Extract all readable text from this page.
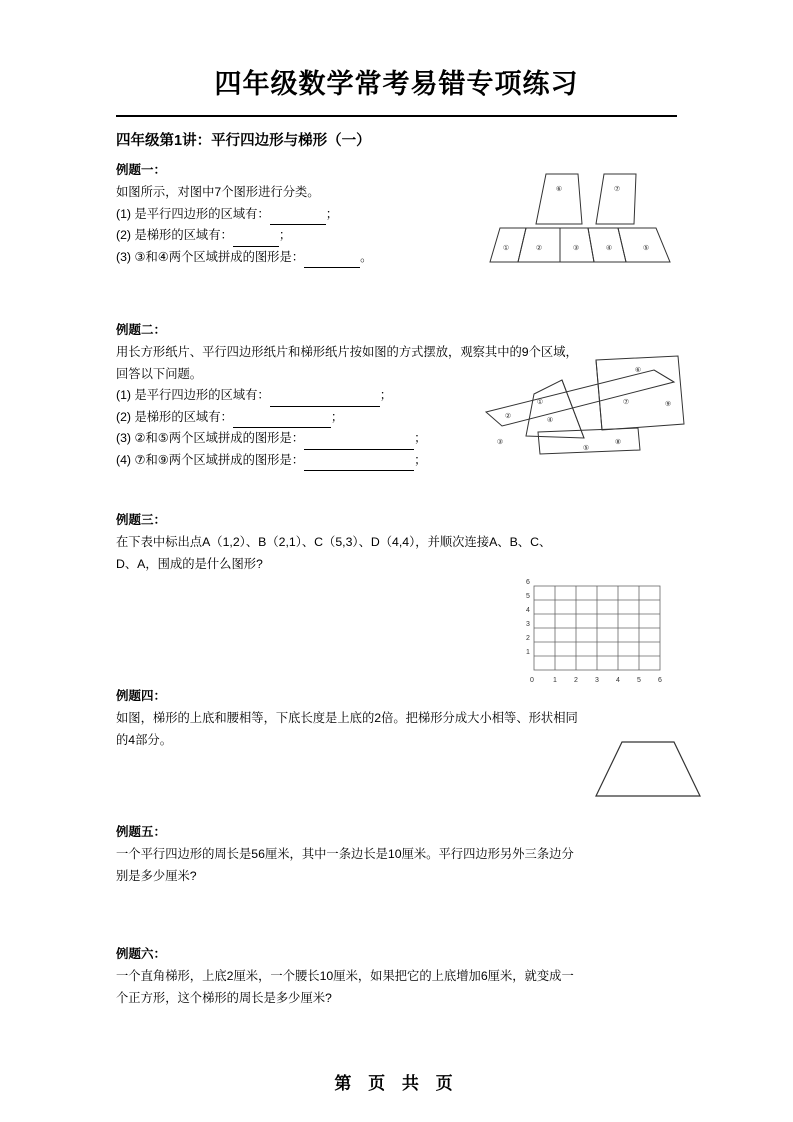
四年级数学常考易错专项练习
四年级第1讲：平行四边形与梯形（一）
例题一：
如图所示，对图中7个图形进行分类。
(1) 是平行四边形的区域有：	；
(2) 是梯形的区域有：	；
(3) ③和④两个区域拼成的图形是：	。
①	②	③	④	⑤
⑥	⑦
例题二：
用长方形纸片、平行四边形纸片和梯形纸片按如图的方式摆放，观察其中的9个区域，
回答以下问题。
(1) 是平行四边形的区域有：	；
(2) 是梯形的区域有：	；
(3) ②和⑤两个区域拼成的图形是：	；
(4) ⑦和⑨两个区域拼成的图形是：	；
①
②
③
④
⑤
⑥
⑦
⑧
⑨
例题三：
在下表中标出点A（1,2）、B（2,1）、C（5,3）、D（4,4），并顺次连接A、B、C、
D、A，围成的是什么图形?
6
5
4
3
2
1
0	1 2 3 4 5 6
例题四：
如图，梯形的上底和腰相等，下底长度是上底的2倍。把梯形分成大小相等、形状相同
的4部分。
例题五：
一个平行四边形的周长是56厘米，其中一条边长是10厘米。平行四边形另外三条边分
别是多少厘米?
例题六：
一个直角梯形，上底2厘米，一个腰长10厘米，如果把它的上底增加6厘米，就变成一
个正方形，这个梯形的周长是多少厘米?
第 页 共 页
